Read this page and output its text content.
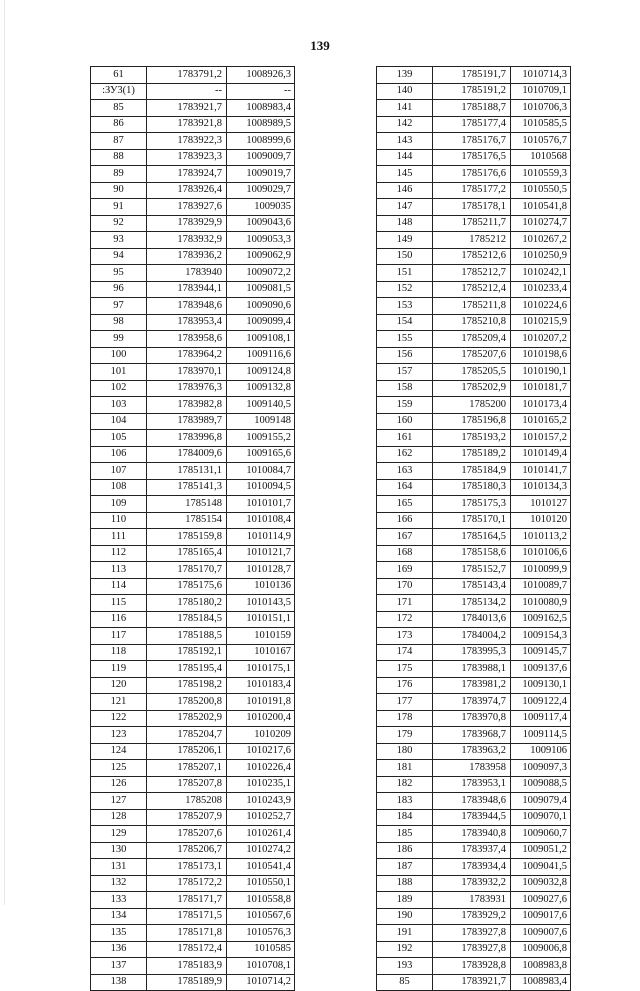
139
61	1783791,2	1008926,3
:ЗУ3(1)	--	--
85	1783921,7	1008983,4
86	1783921,8	1008989,5
87	1783922,3	1008999,6
88	1783923,3	1009009,7
89	1783924,7	1009019,7
90	1783926,4	1009029,7
91	1783927,6	1009035
92	1783929,9	1009043,6
93	1783932,9	1009053,3
94	1783936,2	1009062,9
95	1783940	1009072,2
96	1783944,1	1009081,5
97	1783948,6	1009090,6
98	1783953,4	1009099,4
99	1783958,6	1009108,1
100	1783964,2	1009116,6
101	1783970,1	1009124,8
102	1783976,3	1009132,8
103	1783982,8	1009140,5
104	1783989,7	1009148
105	1783996,8	1009155,2
106	1784009,6	1009165,6
107	1785131,1	1010084,7
108	1785141,3	1010094,5
109	1785148	1010101,7
110	1785154	1010108,4
111	1785159,8	1010114,9
112	1785165,4	1010121,7
113	1785170,7	1010128,7
114	1785175,6	1010136
115	1785180,2	1010143,5
116	1785184,5	1010151,1
117	1785188,5	1010159
118	1785192,1	1010167
119	1785195,4	1010175,1
120	1785198,2	1010183,4
121	1785200,8	1010191,8
122	1785202,9	1010200,4
123	1785204,7	1010209
124	1785206,1	1010217,6
125	1785207,1	1010226,4
126	1785207,8	1010235,1
127	1785208	1010243,9
128	1785207,9	1010252,7
129	1785207,6	1010261,4
130	1785206,7	1010274,2
131	1785173,1	1010541,4
132	1785172,2	1010550,1
133	1785171,7	1010558,8
134	1785171,5	1010567,6
135	1785171,8	1010576,3
136	1785172,4	1010585
137	1785183,9	1010708,1
138	1785189,9	1010714,2
139	1785191,7	1010714,3
140	1785191,2	1010709,1
141	1785188,7	1010706,3
142	1785177,4	1010585,5
143	1785176,7	1010576,7
144	1785176,5	1010568
145	1785176,6	1010559,3
146	1785177,2	1010550,5
147	1785178,1	1010541,8
148	1785211,7	1010274,7
149	1785212	1010267,2
150	1785212,6	1010250,9
151	1785212,7	1010242,1
152	1785212,4	1010233,4
153	1785211,8	1010224,6
154	1785210,8	1010215,9
155	1785209,4	1010207,2
156	1785207,6	1010198,6
157	1785205,5	1010190,1
158	1785202,9	1010181,7
159	1785200	1010173,4
160	1785196,8	1010165,2
161	1785193,2	1010157,2
162	1785189,2	1010149,4
163	1785184,9	1010141,7
164	1785180,3	1010134,3
165	1785175,3	1010127
166	1785170,1	1010120
167	1785164,5	1010113,2
168	1785158,6	1010106,6
169	1785152,7	1010099,9
170	1785143,4	1010089,7
171	1785134,2	1010080,9
172	1784013,6	1009162,5
173	1784004,2	1009154,3
174	1783995,3	1009145,7
175	1783988,1	1009137,6
176	1783981,2	1009130,1
177	1783974,7	1009122,4
178	1783970,8	1009117,4
179	1783968,7	1009114,5
180	1783963,2	1009106
181	1783958	1009097,3
182	1783953,1	1009088,5
183	1783948,6	1009079,4
184	1783944,5	1009070,1
185	1783940,8	1009060,7
186	1783937,4	1009051,2
187	1783934,4	1009041,5
188	1783932,2	1009032,8
189	1783931	1009027,6
190	1783929,2	1009017,6
191	1783927,8	1009007,6
192	1783927,8	1009006,8
193	1783928,8	1008983,8
85	1783921,7	1008983,4
